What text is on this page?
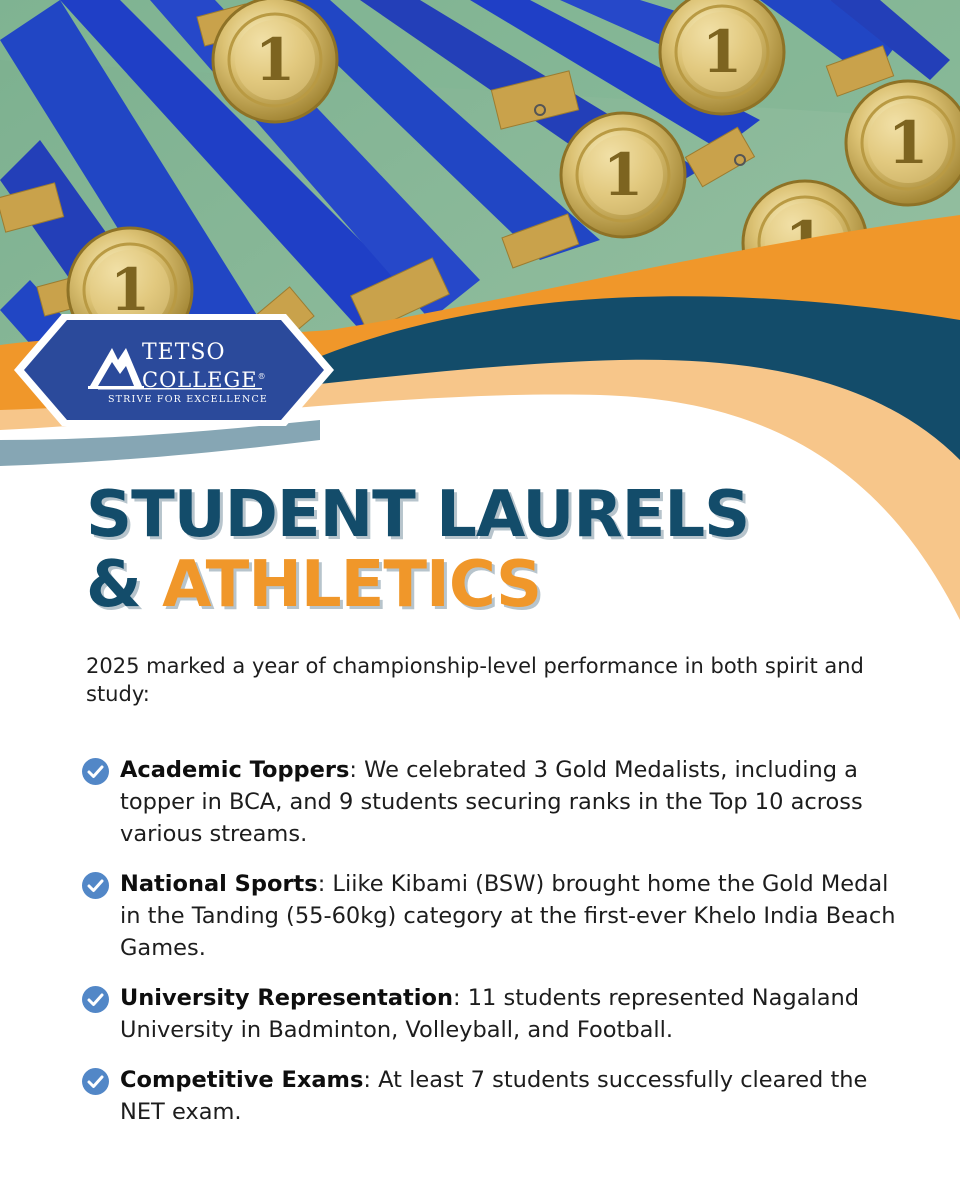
TETSO
COLLEGE®
STRIVE FOR EXCELLENCE
STUDENT LAURELS
& ATHLETICS

2025 marked a year of championship-level performance in both spirit and study:

Academic Toppers: We celebrated 3 Gold Medalists, including a topper in BCA, and 9 students securing ranks in the Top 10 across various streams.
National Sports: Liike Kibami (BSW) brought home the Gold Medal in the Tanding (55-60kg) category at the first-ever Khelo India Beach Games.
University Representation: 11 students represented Nagaland University in Badminton, Volleyball, and Football.
Competitive Exams: At least 7 students successfully cleared the NET exam.
